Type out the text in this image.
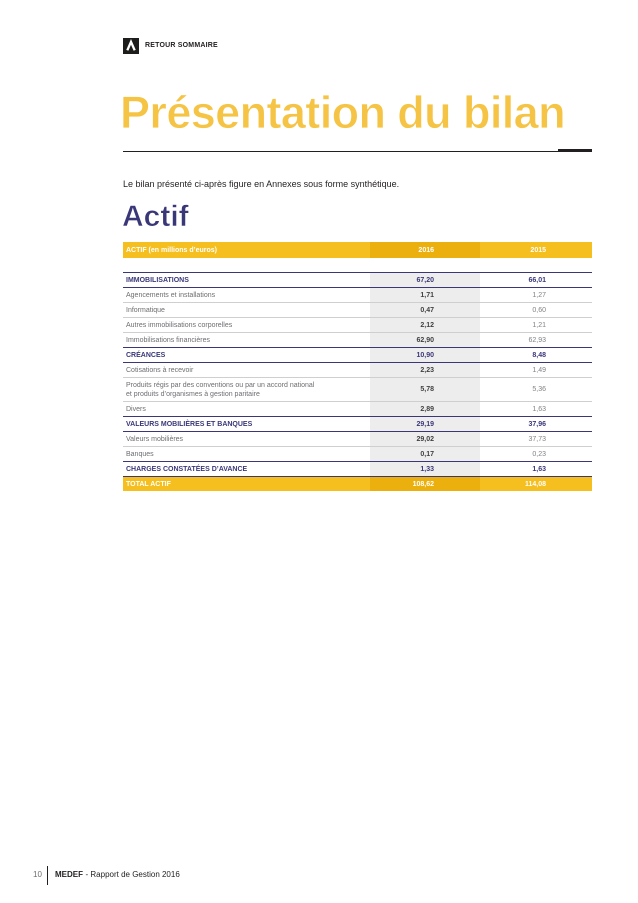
RETOUR SOMMAIRE
Présentation du bilan

Le bilan présenté ci-après figure en Annexes sous forme synthétique.

Actif
ACTIF (en millions d’euros)	2016	2015
IMMOBILISATIONS	67,20	66,01
Agencements et installations	1,71	1,27
Informatique	0,47	0,60
Autres immobilisations corporelles	2,12	1,21
Immobilisations financières	62,90	62,93
CRÉANCES	10,90	8,48
Cotisations à recevoir	2,23	1,49
Produits régis par des conventions ou par un accord national
et produits d’organismes à gestion paritaire
5,78	5,36
Divers	2,89	1,63
VALEURS MOBILIÈRES ET BANQUES	29,19	37,96
Valeurs mobilières	29,02	37,73
Banques	0,17	0,23
CHARGES CONSTATÉES D’AVANCE	1,33	1,63
TOTAL ACTIF	108,62	114,08
10 MEDEF - Rapport de Gestion 2016
